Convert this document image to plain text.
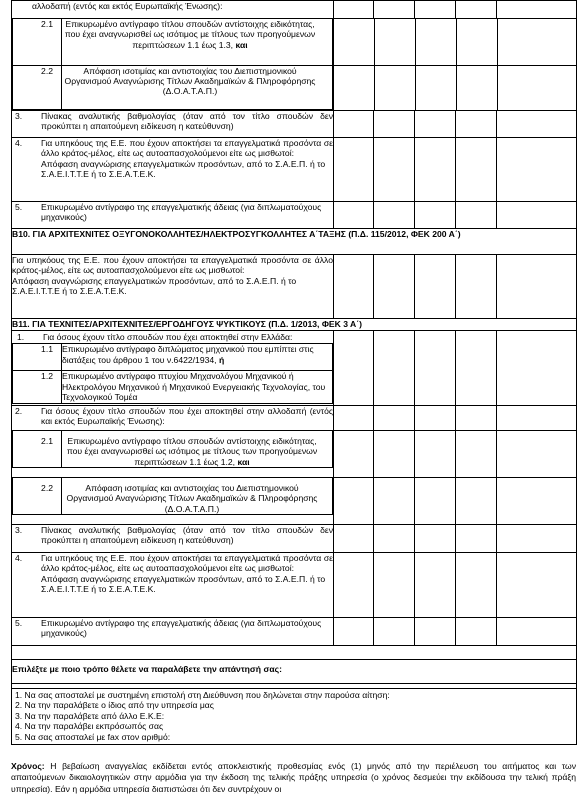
αλλοδαπή (εντός και εκτός Ευρωπαϊκής Ένωσης):

2.1	Επικυρωμένο αντίγραφο τίτλου σπουδών αντίστοιχης ειδικότητας, που έχει αναγνωρισθεί ως ισότιμος με τίτλους των προηγούμενων περιπτώσεων 1.1 έως 1.3, και
2.2	Απόφαση ισοτιμίας και αντιστοιχίας του Διεπιστημονικού Οργανισμού Αναγνώρισης Τίτλων Ακαδημαϊκών & Πληροφόρησης (Δ.Ο.Α.Τ.Α.Π.)

3.	Πίνακας αναλυτικής βαθμολογίας (όταν από τον τίτλο σπουδών δεν προκύπτει η απαιτούμενη ειδίκευση η κατεύθυνση)

4.	Για υπηκόους της Ε.Ε. που έχουν αποκτήσει τα επαγγελματικά προσόντα σε άλλο κράτος-μέλος, είτε ως αυτοαπασχολούμενοι είτε ως μισθωτοί:
Απόφαση αναγνώρισης επαγγελματικών προσόντων, από το Σ.Α.Ε.Π. ή το Σ.Α.Ε.Ι.Τ.Τ.Ε ή το Σ.Ε.Α.Τ.Ε.Κ.

5.	Επικυρωμένο αντίγραφο της επαγγελματικής άδειας (για διπλωματούχους μηχανικούς)

Β10. ΓΙΑ ΑΡΧΙΤΕΧΝΙΤΕΣ ΟΞΥΓΟΝΟΚΟΛΛΗΤΕΣ/ΗΛΕΚΤΡΟΣΥΓΚΟΛΛΗΤΕΣ Α΄ΤΑΞΗΣ (Π.Δ. 115/2012, ΦΕΚ 200 Α΄)

Για υπηκόους της Ε.Ε. που έχουν αποκτήσει τα επαγγελματικά προσόντα σε άλλο κράτος-μέλος, είτε ως αυτοαπασχολούμενοι είτε ως μισθωτοί:
Απόφαση αναγνώρισης επαγγελματικών προσόντων, από το Σ.Α.Ε.Π. ή το Σ.Α.Ε.Ι.Τ.Τ.Ε ή το Σ.Ε.Α.Τ.Ε.Κ.

Β11. ΓΙΑ ΤΕΧΝΙΤΕΣ/ΑΡΧΙΤΕΧΝΙΤΕΣ/ΕΡΓΟΔΗΓΟΥΣ ΨΥΚΤΙΚΟΥΣ (Π.Δ. 1/2013, ΦΕΚ 3 Α΄)

1.	Για όσους έχουν τίτλο σπουδών που έχει αποκτηθεί στην Ελλάδα:
1.1	Επικυρωμένο αντίγραφο διπλώματος μηχανικού που εμπίπτει στις διατάξεις του άρθρου 1 του ν.6422/1934, ή
1.2	Επικυρωμένο αντίγραφο πτυχίου Μηχανολόγου Μηχανικού ή Ηλεκτρολόγου Μηχανικού ή Μηχανικού Ενεργειακής Τεχνολογίας, του Τεχνολογικού Τομέα

2.	Για όσους έχουν τίτλο σπουδών που έχει αποκτηθεί στην αλλοδαπή (εντός και εκτός Ευρωπαϊκής Ένωσης):

2.1	Επικυρωμένο αντίγραφο τίτλου σπουδών αντίστοιχης ειδικότητας, που έχει αναγνωρισθεί ως ισότιμος με τίτλους των προηγούμενων περιπτώσεων 1.1 έως 1.2, και

2.2	Απόφαση ισοτιμίας και αντιστοιχίας του Διεπιστημονικού Οργανισμού Αναγνώρισης Τίτλων Ακαδημαϊκών & Πληροφόρησης (Δ.Ο.Α.Τ.Α.Π.)

3.	Πίνακας αναλυτικής βαθμολογίας (όταν από τον τίτλο σπουδών δεν προκύπτει η απαιτούμενη ειδίκευση η κατεύθυνση)

4.	Για υπηκόους της Ε.Ε. που έχουν αποκτήσει τα επαγγελματικά προσόντα σε άλλο κράτος-μέλος, είτε ως αυτοαπασχολούμενοι είτε ως μισθωτοί:
Απόφαση αναγνώρισης επαγγελματικών προσόντων, από το Σ.Α.Ε.Π. ή το Σ.Α.Ε.Ι.Τ.Τ.Ε ή το Σ.Ε.Α.Τ.Ε.Κ.

5.	Επικυρωμένο αντίγραφο της επαγγελματικής άδειας (για διπλωματούχους μηχανικούς)

Επιλέξτε με ποιο τρόπο θέλετε να παραλάβετε την απάντησή σας:

1. Να σας αποσταλεί με συστημένη επιστολή στη Διεύθυνση που δηλώνεται στην παρούσα αίτηση:
2. Να την παραλάβετε ο ίδιος από την υπηρεσία μας
3. Να την παραλάβετε από άλλο Ε.Κ.Ε:
4. Να την παραλάβει εκπρόσωπός σας
5. Να σας αποσταλεί με fax στον αριθμό:
Χρόνος: Η βεβαίωση αναγγελίας εκδίδεται εντός αποκλειστικής προθεσμίας ενός (1) μηνός από την περιέλευση του αιτήματος και των απαιτούμενων δικαιολογητικών στην αρμόδια για την έκδοση της τελικής πράξης υπηρεσία (ο χρόνος δεσμεύει την εκδίδουσα την τελική πράξη υπηρεσία). Εάν η αρμόδια υπηρεσία διαπιστώσει ότι δεν συντρέχουν οι
